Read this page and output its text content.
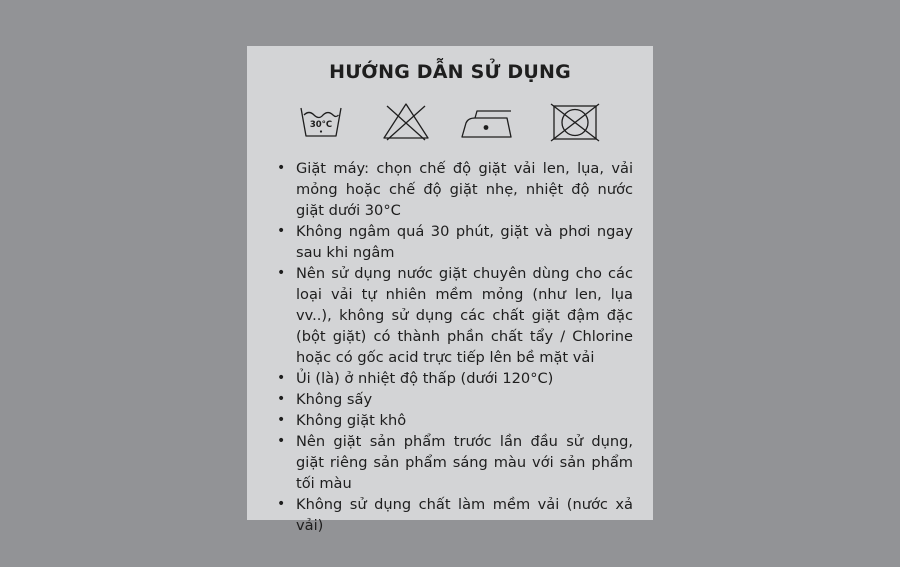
HƯỚNG DẪN SỬ DỤNG
30°C
• Giặt máy: chọn chế độ giặt vải len, lụa, vải mỏng hoặc chế độ giặt nhẹ, nhiệt độ nước giặt dưới 30°C
• Không ngâm quá 30 phút, giặt và phơi ngay sau khi ngâm
• Nên sử dụng nước giặt chuyên dùng cho các loại vải tự nhiên mềm mỏng (như len, lụa vv..), không sử dụng các chất giặt đậm đặc (bột giặt) có thành phần chất tẩy / Chlorine hoặc có gốc acid trực tiếp lên bề mặt vải
• Ủi (là) ở nhiệt độ thấp (dưới 120°C)
• Không sấy
• Không giặt khô
• Nên giặt sản phẩm trước lần đầu sử dụng, giặt riêng sản phẩm sáng màu với sản phẩm tối màu
• Không sử dụng chất làm mềm vải (nước xả vải)
